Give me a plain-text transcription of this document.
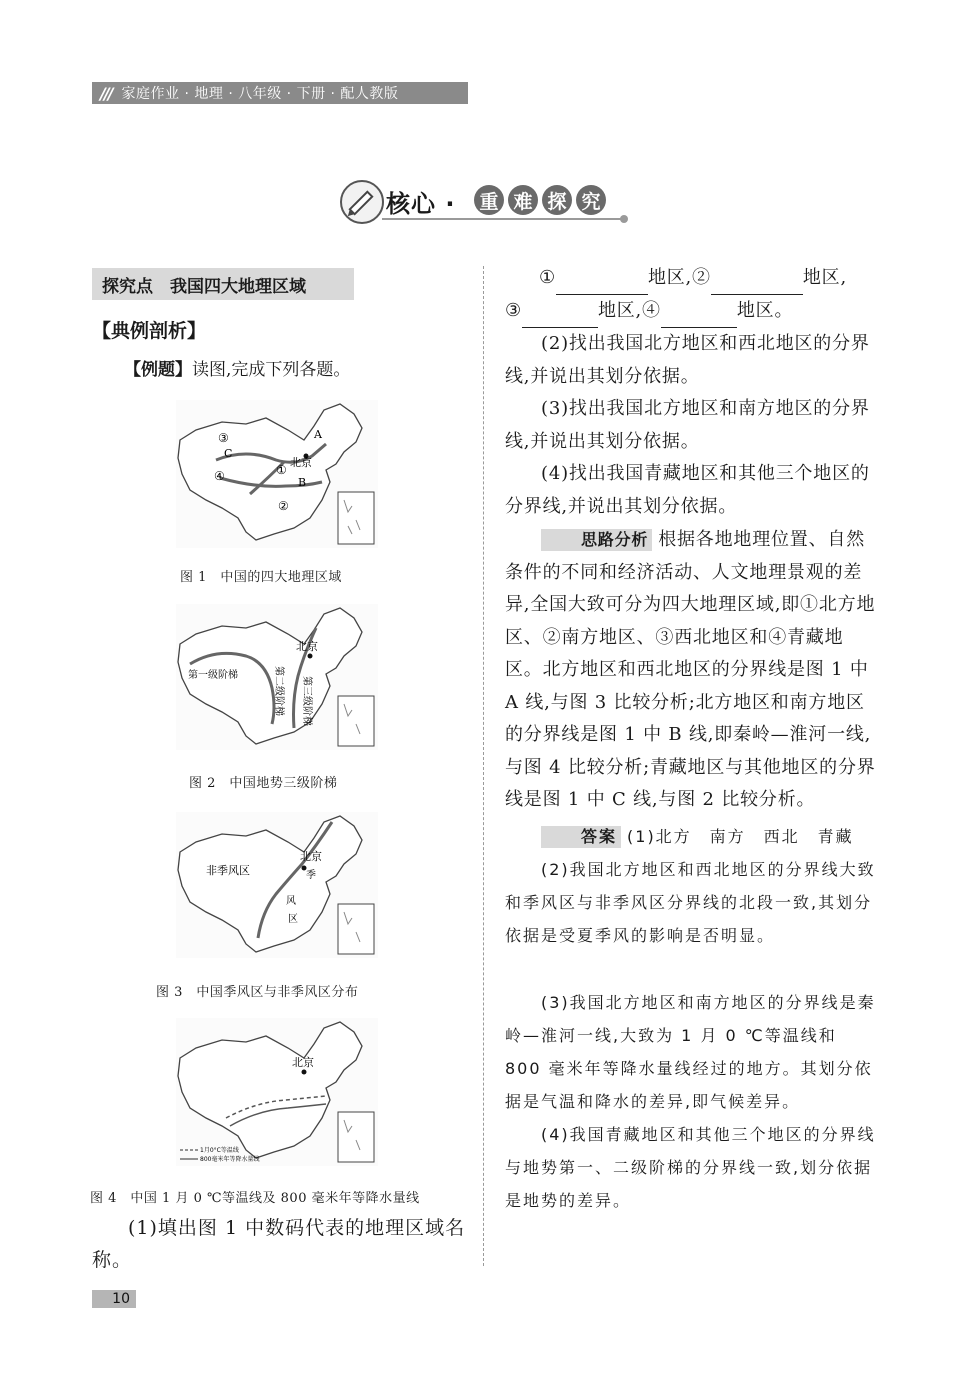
/// 家庭作业 · 地理 · 八年级 · 下册 · 配人教版
核心 · 重 难 探 究
探究点　我国四大地理区域
【典例剖析】
【例题】读图,完成下列各题。
③
C
④
A
北京
①
B
②
图 1　中国的四大地理区域
北京
第一级阶梯	第二级阶梯 第三级阶梯
图 2　中国地势三级阶梯
北京
非季风区	季
风
区
图 3　中国季风区与非季风区分布
北京
1月0°C等温线
800毫米年等降水量线
图 4　中国 1 月 0 ℃等温线及 800 毫米年等降水量线
(1)填出图 1 中数码代表的地理区域名称。
①	地区,②	地区,
③	地区,④	地区。
(2)找出我国北方地区和西北地区的分界线,并说出其划分依据。
(3)找出我国北方地区和南方地区的分界线,并说出其划分依据。
(4)找出我国青藏地区和其他三个地区的分界线,并说出其划分依据。
思路分析 根据各地地理位置、自然条件的不同和经济活动、人文地理景观的差异,全国大致可分为四大地理区域,即①北方地区、②南方地区、③西北地区和④青藏地区。北方地区和西北地区的分界线是图 1 中 A 线,与图 3 比较分析;北方地区和南方地区的分界线是图 1 中 B 线,即秦岭—淮河一线,与图 4 比较分析;青藏地区与其他地区的分界线是图 1 中 C 线,与图 2 比较分析。
答案 (1)北方　南方　西北　青藏
(2)我国北方地区和西北地区的分界线大致和季风区与非季风区分界线的北段一致,其划分依据是受夏季风的影响是否明显。
(3)我国北方地区和南方地区的分界线是秦岭—淮河一线,大致为 1 月 0 ℃等温线和 800 毫米年等降水量线经过的地方。其划分依据是气温和降水的差异,即气候差异。
(4)我国青藏地区和其他三个地区的分界线与地势第一、二级阶梯的分界线一致,划分依据是地势的差异。
10
